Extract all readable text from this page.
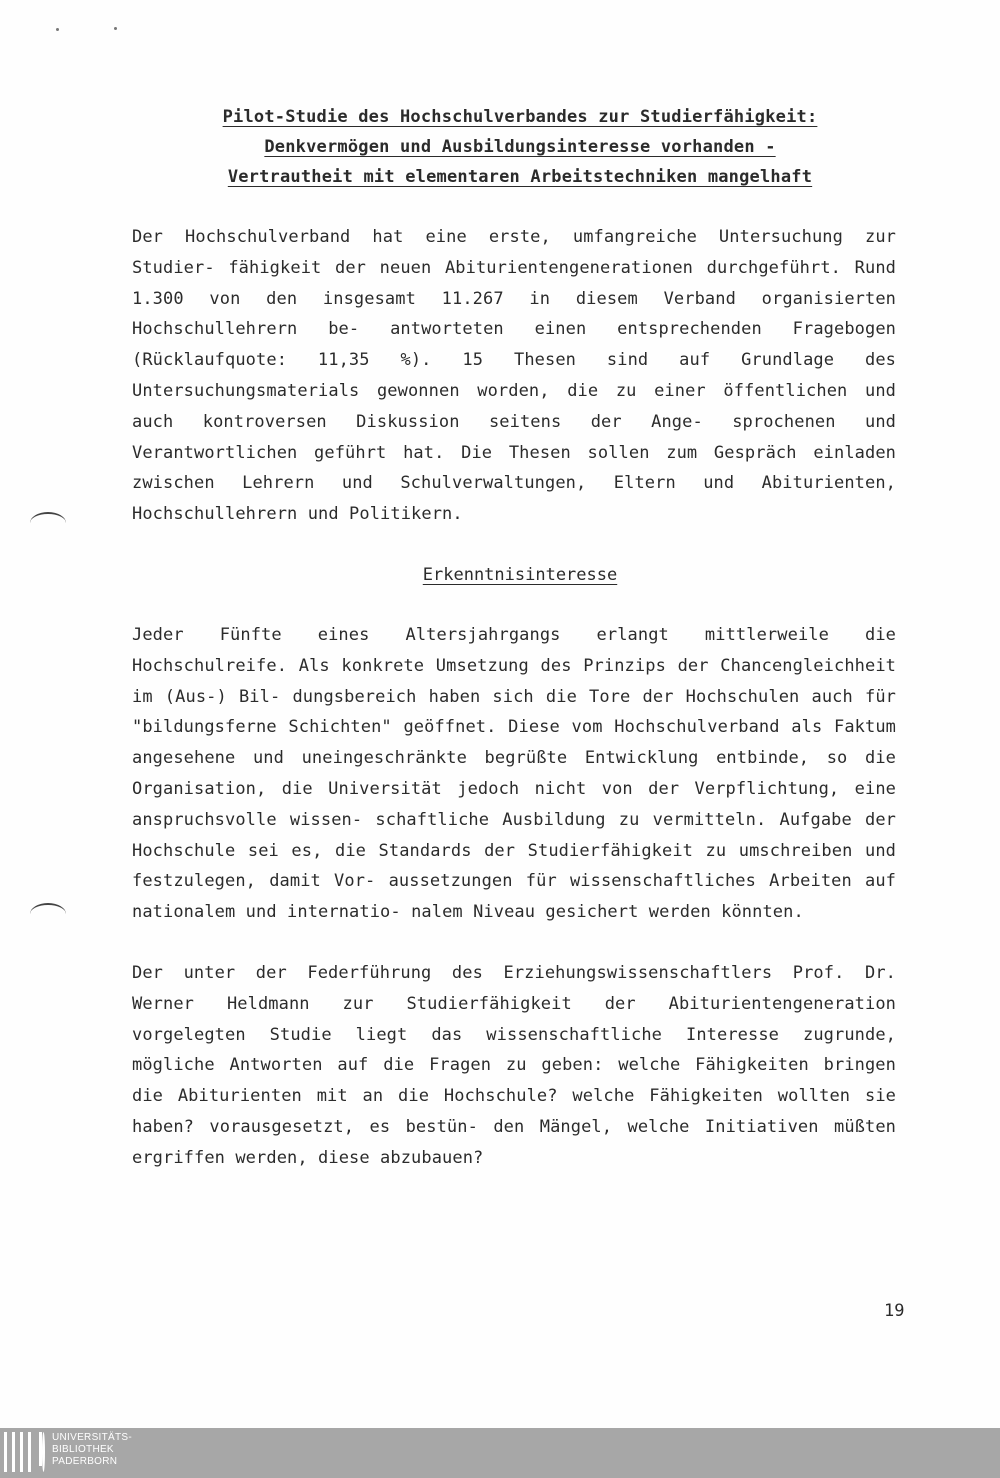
Pilot-Studie des Hochschulverbandes zur Studierfähigkeit:
Denkvermögen und Ausbildungsinteresse vorhanden -
Vertrautheit mit elementaren Arbeitstechniken mangelhaft

Der Hochschulverband hat eine erste, umfangreiche Untersuchung zur Studier- fähigkeit der neuen Abiturientengenerationen durchgeführt. Rund 1.300 von den insgesamt 11.267 in diesem Verband organisierten Hochschullehrern be- antworteten einen entsprechenden Fragebogen (Rücklaufquote: 11,35 %). 15 Thesen sind auf Grundlage des Untersuchungsmaterials gewonnen worden, die zu einer öffentlichen und auch kontroversen Diskussion seitens der Ange- sprochenen und Verantwortlichen geführt hat. Die Thesen sollen zum Gespräch einladen zwischen Lehrern und Schulverwaltungen, Eltern und Abiturienten, Hochschullehrern und Politikern.

Erkenntnisinteresse

Jeder Fünfte eines Altersjahrgangs erlangt mittlerweile die Hochschulreife. Als konkrete Umsetzung des Prinzips der Chancengleichheit im (Aus-) Bil- dungsbereich haben sich die Tore der Hochschulen auch für "bildungsferne Schichten" geöffnet. Diese vom Hochschulverband als Faktum angesehene und uneingeschränkte begrüßte Entwicklung entbinde, so die Organisation, die Universität jedoch nicht von der Verpflichtung, eine anspruchsvolle wissen- schaftliche Ausbildung zu vermitteln. Aufgabe der Hochschule sei es, die Standards der Studierfähigkeit zu umschreiben und festzulegen, damit Vor- aussetzungen für wissenschaftliches Arbeiten auf nationalem und internatio- nalem Niveau gesichert werden könnten.

Der unter der Federführung des Erziehungswissenschaftlers Prof. Dr. Werner Heldmann zur Studierfähigkeit der Abiturientengeneration vorgelegten Studie liegt das wissenschaftliche Interesse zugrunde, mögliche Antworten auf die Fragen zu geben: welche Fähigkeiten bringen die Abiturienten mit an die Hochschule? welche Fähigkeiten wollten sie haben? vorausgesetzt, es bestün- den Mängel, welche Initiativen müßten ergriffen werden, diese abzubauen?

19
UNIVERSITÄTS-
BIBLIOTHEK
PADERBORN
